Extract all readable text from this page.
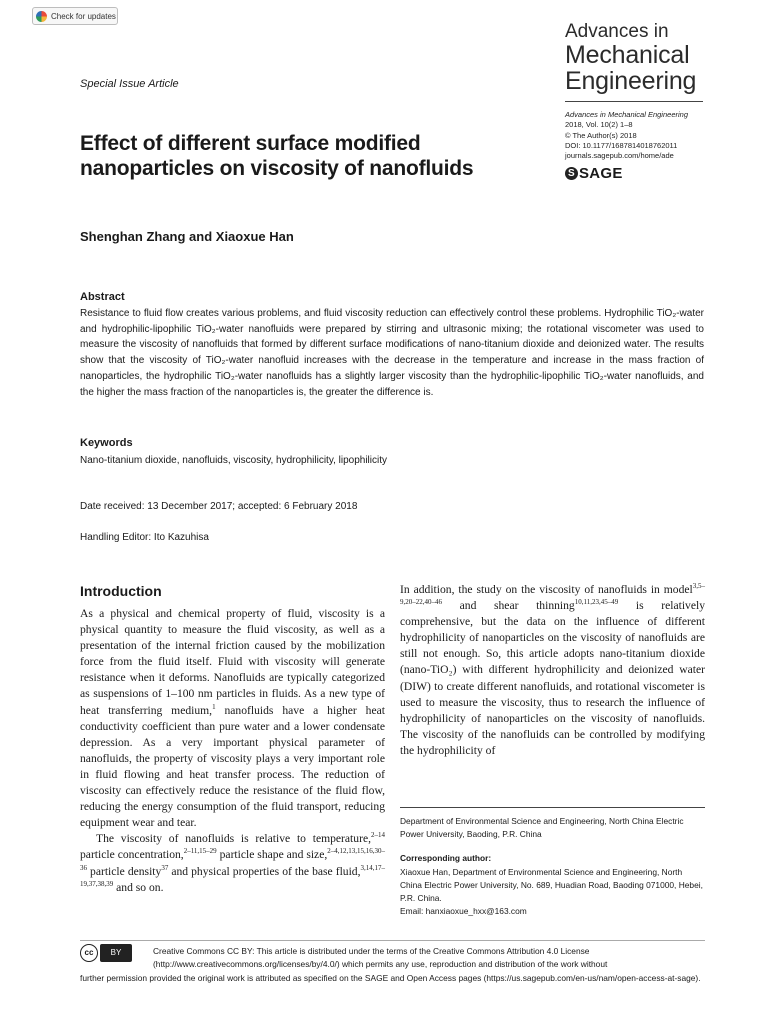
Check for updates
Advances in
Mechanical
Engineering
Special Issue Article
Advances in Mechanical Engineering
2018, Vol. 10(2) 1–8
© The Author(s) 2018
DOI: 10.1177/1687814018762011
journals.sagepub.com/home/ade
S SAGE
Effect of different surface modified nanoparticles on viscosity of nanofluids
Shenghan Zhang and Xiaoxue Han
Abstract
Resistance to fluid flow creates various problems, and fluid viscosity reduction can effectively control these problems. Hydrophilic TiO₂-water and hydrophilic-lipophilic TiO₂-water nanofluids were prepared by stirring and ultrasonic mixing; the rotational viscometer was used to measure the viscosity of nanofluids that formed by different surface modifications of nano-titanium dioxide and deionized water. The results show that the viscosity of TiO₂-water nanofluid increases with the decrease in the temperature and increase in the mass fraction of nanoparticles, the hydrophilic TiO₂-water nanofluids has a slightly larger viscosity than the hydrophilic-lipophilic TiO₂-water nanofluids, and the higher the mass fraction of the nanoparticles is, the greater the difference is.
Keywords
Nano-titanium dioxide, nanofluids, viscosity, hydrophilicity, lipophilicity
Date received: 13 December 2017; accepted: 6 February 2018
Handling Editor: Ito Kazuhisa
Introduction

As a physical and chemical property of fluid, viscosity is a physical quantity to measure the fluid viscosity, as well as a presentation of the internal friction caused by the mobilization force from the fluid itself. Fluid with viscosity will generate resistance when it deforms. Nanofluids are typically categorized as suspensions of 1–100 nm particles in fluids. As a new type of heat transferring medium,$^1$ nanofluids have a higher heat conductivity coefficient than pure water and a lower condensate depression. As a very important physical parameter of nanofluids, the property of viscosity plays a very important role in fluid flowing and heat transfer process. The reduction of viscosity can effectively reduce the resistance of the fluid flow, reducing the energy consumption of the fluid transport, reducing equipment wear and tear.

The viscosity of nanofluids is relative to temperature,$^{2-14}$ particle concentration,$^{2-11,15-29}$ particle shape and size,$^{2-4,12,13,15,16,30-36}$ particle density$^{37}$ and physical properties of the base fluid,$^{3,14,17-19,37,38,39}$ and so on.

In addition, the study on the viscosity of nanofluids in model$^{3,5-9,20-22,40-46}$ and shear thinning$^{10,11,23,45-49}$ is relatively comprehensive, but the data on the influence of different hydrophilicity of nanoparticles on the viscosity of nanofluids are still not enough. So, this article adopts nano-titanium dioxide (nano-TiO₂) with different hydrophilicity and deionized water (DIW) to create different nanofluids, and rotational viscometer is used to measure the viscosity, thus to research the influence of hydrophilicity of nanoparticles on the viscosity of nanofluids. The viscosity of the nanofluids can be controlled by modifying the hydrophilicity of

Department of Environmental Science and Engineering, North China Electric Power University, Baoding, P.R. China
Corresponding author:
Xiaoxue Han, Department of Environmental Science and Engineering, North China Electric Power University, No. 689, Huadian Road, Baoding 071000, Hebei, P.R. China.
Email: hanxiaoxue_hxx@163.com
cc	BY	Creative Commons CC BY: This article is distributed under the terms of the Creative Commons Attribution 4.0 License
(http://www.creativecommons.org/licenses/by/4.0/) which permits any use, reproduction and distribution of the work without
further permission provided the original work is attributed as specified on the SAGE and Open Access pages (https://us.sagepub.com/en-us/nam/open-access-at-sage).
